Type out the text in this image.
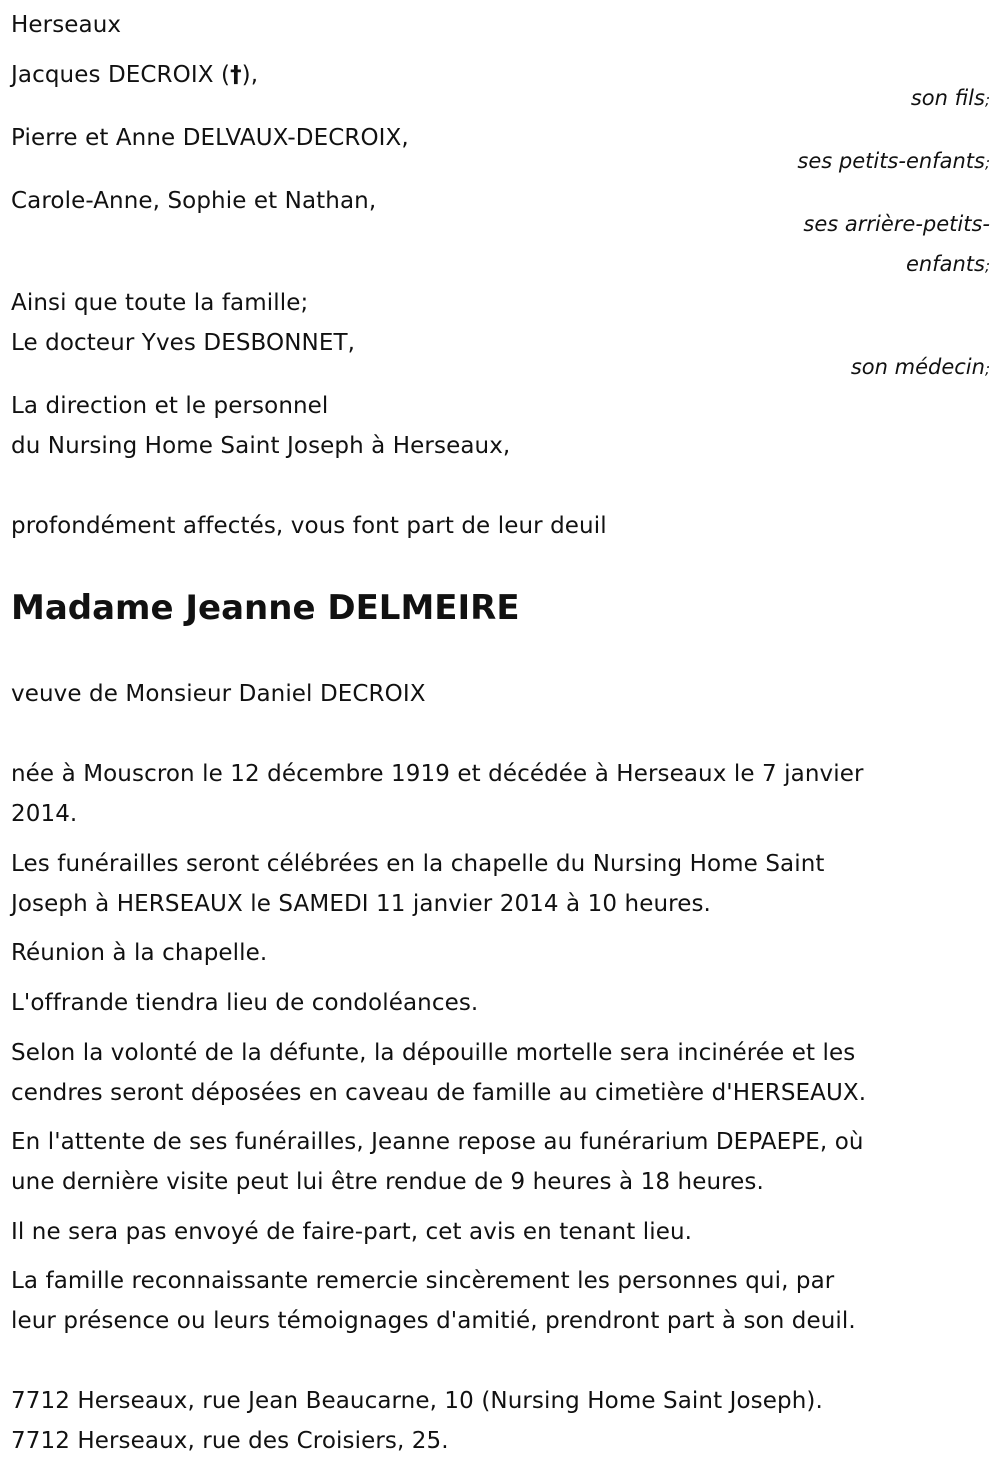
Herseaux
Jacques DECROIX (†),
son fils;
Pierre et Anne DELVAUX-DECROIX,
ses petits-enfants;
Carole-Anne, Sophie et Nathan,
ses arrière-petits-
enfants;
Ainsi que toute la famille;
Le docteur Yves DESBONNET,
son médecin;
La direction et le personnel
du Nursing Home Saint Joseph à Herseaux,
profondément affectés, vous font part de leur deuil
Madame Jeanne DELMEIRE
veuve de Monsieur Daniel DECROIX
née à Mouscron le 12 décembre 1919 et décédée à Herseaux le 7 janvier
2014.
Les funérailles seront célébrées en la chapelle du Nursing Home Saint
Joseph à HERSEAUX le SAMEDI 11 janvier 2014 à 10 heures.
Réunion à la chapelle.
L'offrande tiendra lieu de condoléances.
Selon la volonté de la défunte, la dépouille mortelle sera incinérée et les
cendres seront déposées en caveau de famille au cimetière d'HERSEAUX.
En l'attente de ses funérailles, Jeanne repose au funérarium DEPAEPE, où
une dernière visite peut lui être rendue de 9 heures à 18 heures.
Il ne sera pas envoyé de faire-part, cet avis en tenant lieu.
La famille reconnaissante remercie sincèrement les personnes qui, par
leur présence ou leurs témoignages d'amitié, prendront part à son deuil.
7712 Herseaux, rue Jean Beaucarne, 10 (Nursing Home Saint Joseph).
7712 Herseaux, rue des Croisiers, 25.
